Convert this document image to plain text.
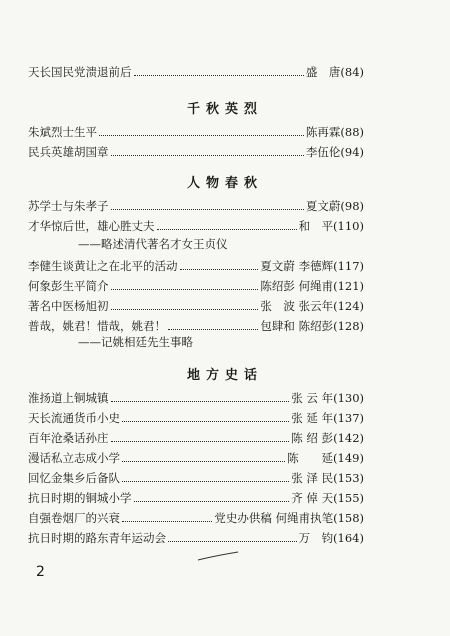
天长国民党溃退前后	盛　唐(84)
千秋英烈
朱斌烈士生平	陈再霖(88)
民兵英雄胡国章	李伍伦(94)
人物春秋
苏学士与朱孝子	夏文蔚(98)
才华惊后世，雄心胜丈夫	和　平(110)
——略述清代著名才女王贞仪
李健生谈黄让之在北平的活动	夏文蔚 李德辉(117)
何象彭生平简介	陈绍彭 何绳甫(121)
著名中医杨旭初	张　波 张云年(124)
普哉，姚君！惜哉，姚君！	包肆和 陈绍彭(128)
——记姚相廷先生事略
地方史话
淮扬道上铜城镇	张 云 年(130)
天长流通货币小史	张 延 年(137)
百年沧桑话孙庄	陈 绍 彭(142)
漫话私立志成小学	陈　　延(149)
回忆金集乡后备队	张 泽 民(153)
抗日时期的铜城小学	齐 倬 天(155)
自强卷烟厂的兴衰	党史办供稿 何绳甫执笔(158)
抗日时期的路东青年运动会	万　钧(164)
2
